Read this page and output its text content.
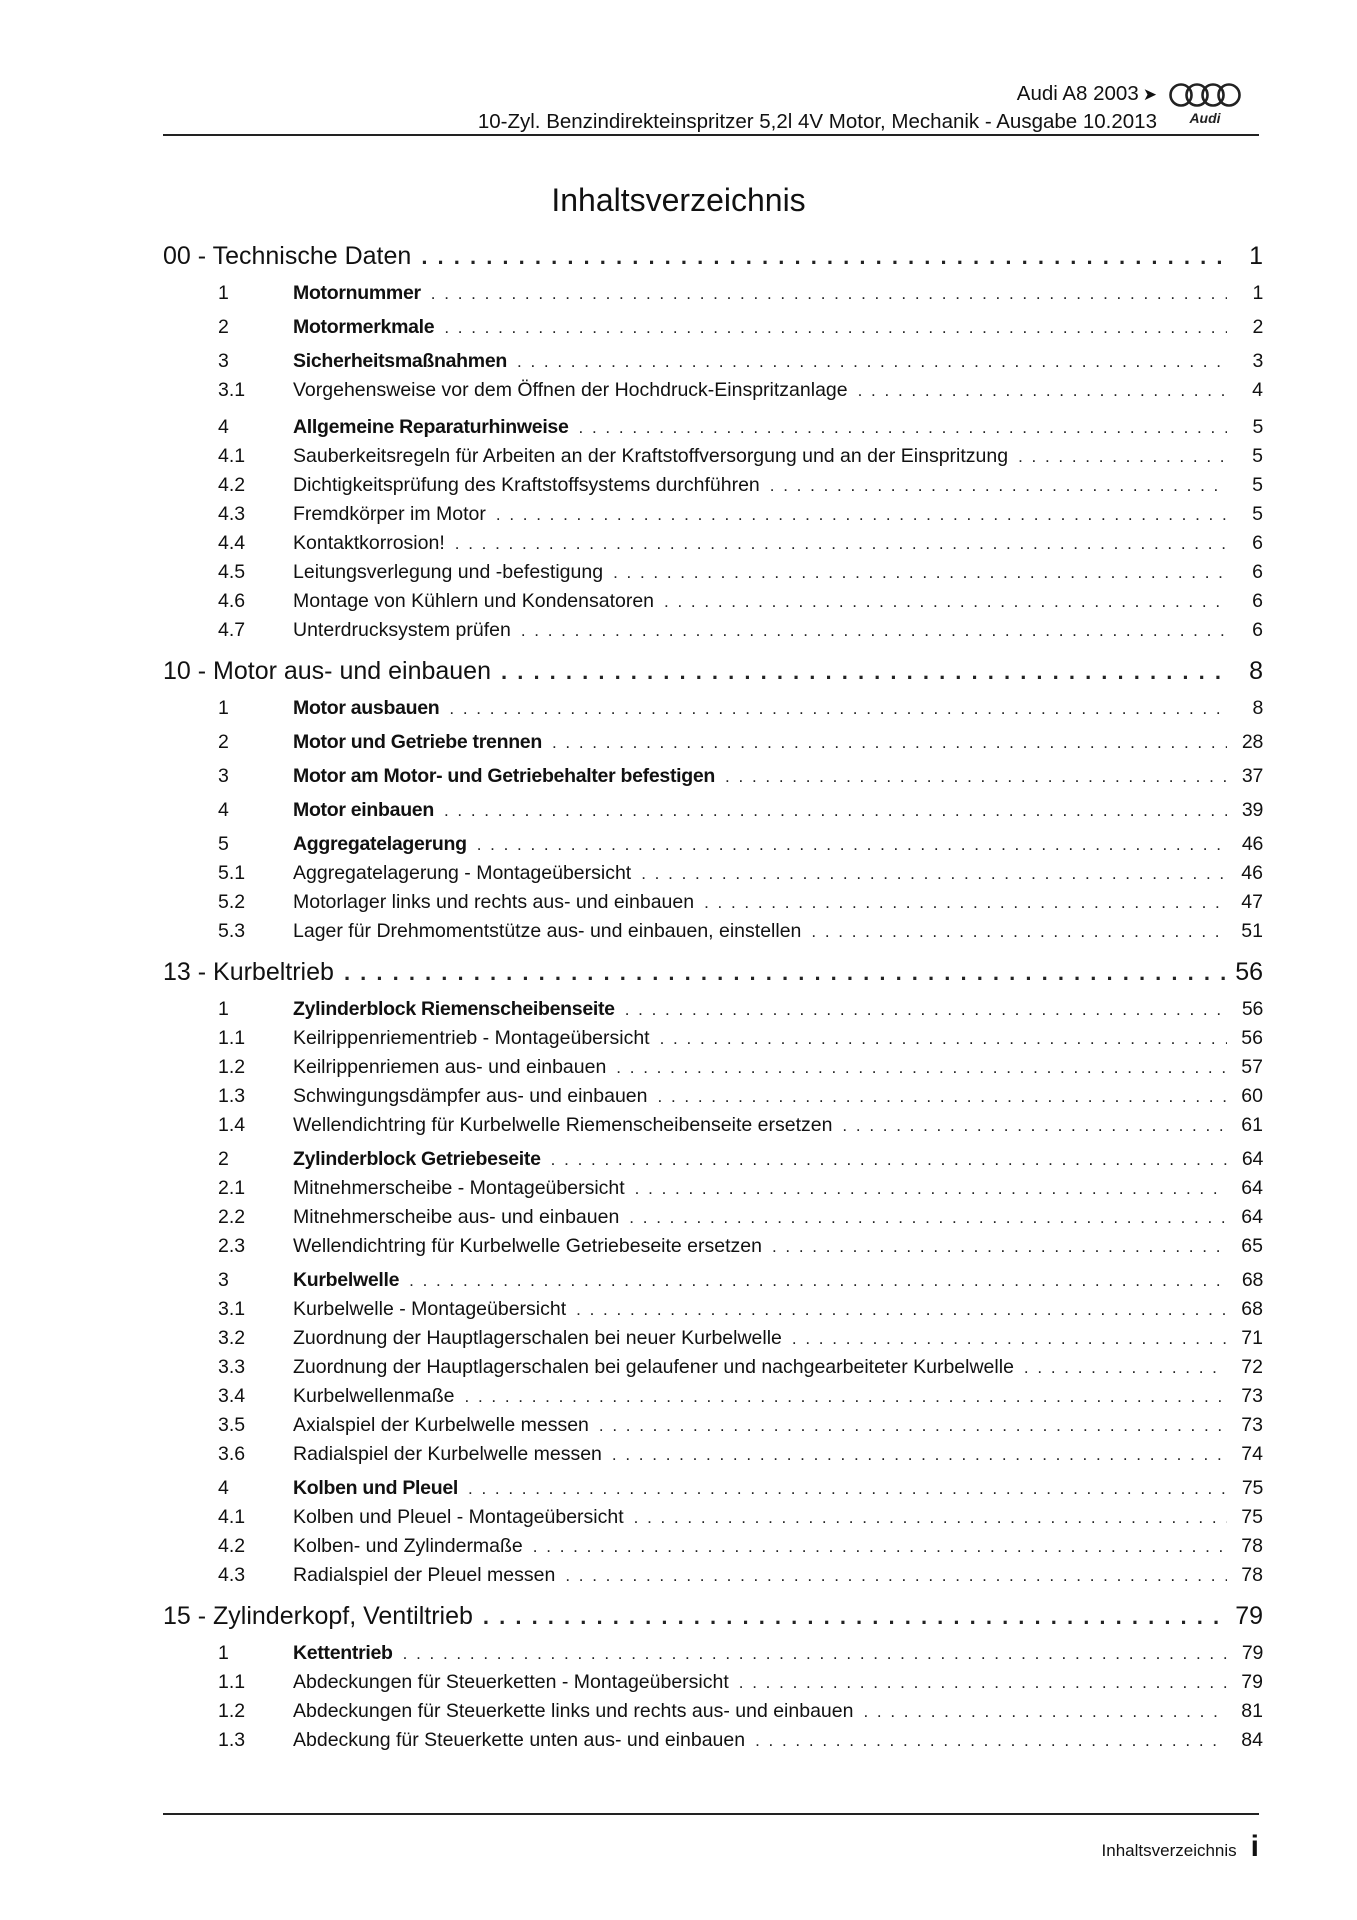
Audi A8 2003 ➤
10-Zyl. Benzindirekteinspritzer 5,2l 4V Motor, Mechanik - Ausgabe 10.2013 Audi
Inhaltsverzeichnis
00 - Technische Daten . . .	1
1	Motornummer . . .	1
2	Motormerkmale . . .	2
3	Sicherheitsmaßnahmen . . .	3
3.1	Vorgehensweise vor dem Öffnen der Hochdruck-Einspritzanlage . . .	4
4	Allgemeine Reparaturhinweise . . .	5
4.1	Sauberkeitsregeln für Arbeiten an der Kraftstoffversorgung und an der Einspritzung . . .	5
4.2	Dichtigkeitsprüfung des Kraftstoffsystems durchführen . . .	5
4.3	Fremdkörper im Motor . . .	5
4.4	Kontaktkorrosion! . . .	6
4.5	Leitungsverlegung und -befestigung . . .	6
4.6	Montage von Kühlern und Kondensatoren . . .	6
4.7	Unterdrucksystem prüfen . . .	6
10 - Motor aus- und einbauen . . .	8
1	Motor ausbauen . . .	8
2	Motor und Getriebe trennen . . .	28
3	Motor am Motor- und Getriebehalter befestigen . . .	37
4	Motor einbauen . . .	39
5	Aggregatelagerung . . .	46
5.1	Aggregatelagerung - Montageübersicht . . .	46
5.2	Motorlager links und rechts aus- und einbauen . . .	47
5.3	Lager für Drehmomentstütze aus- und einbauen, einstellen . . .	51
13 - Kurbeltrieb . . .	56
1	Zylinderblock Riemenscheibenseite . . .	56
1.1	Keilrippenriementrieb - Montageübersicht . . .	56
1.2	Keilrippenriemen aus- und einbauen . . .	57
1.3	Schwingungsdämpfer aus- und einbauen . . .	60
1.4	Wellendichtring für Kurbelwelle Riemenscheibenseite ersetzen . . .	61
2	Zylinderblock Getriebeseite . . .	64
2.1	Mitnehmerscheibe - Montageübersicht . . .	64
2.2	Mitnehmerscheibe aus- und einbauen . . .	64
2.3	Wellendichtring für Kurbelwelle Getriebeseite ersetzen . . .	65
3	Kurbelwelle . . .	68
3.1	Kurbelwelle - Montageübersicht . . .	68
3.2	Zuordnung der Hauptlagerschalen bei neuer Kurbelwelle . . .	71
3.3	Zuordnung der Hauptlagerschalen bei gelaufener und nachgearbeiteter Kurbelwelle . . .	72
3.4	Kurbelwellenmaße . . .	73
3.5	Axialspiel der Kurbelwelle messen . . .	73
3.6	Radialspiel der Kurbelwelle messen . . .	74
4	Kolben und Pleuel . . .	75
4.1	Kolben und Pleuel - Montageübersicht . . .	75
4.2	Kolben- und Zylindermaße . . .	78
4.3	Radialspiel der Pleuel messen . . .	78
15 - Zylinderkopf, Ventiltrieb . . .	79
1	Kettentrieb . . .	79
1.1	Abdeckungen für Steuerketten - Montageübersicht . . .	79
1.2	Abdeckungen für Steuerkette links und rechts aus- und einbauen . . .	81
1.3	Abdeckung für Steuerkette unten aus- und einbauen . . .	84
Inhaltsverzeichnis i
